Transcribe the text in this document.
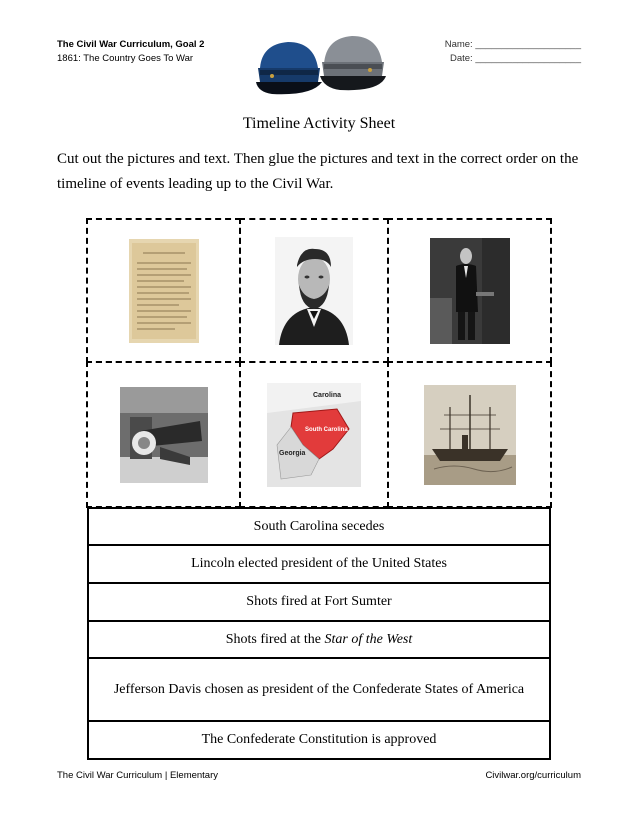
The Civil War Curriculum, Goal 2
1861: The Country Goes To War
Name: ____________________
Date: ____________________
Timeline Activity Sheet
Cut out the pictures and text. Then glue the pictures and text in the correct order on the timeline of events leading up to the Civil War.
Carolina
South Carolina
Georgia
South Carolina secedes
Lincoln elected president of the United States
Shots fired at Fort Sumter
Shots fired at the Star of the West
Jefferson Davis chosen as president of the Confederate States of America
The Confederate Constitution is approved
The Civil War Curriculum | Elementary	Civilwar.org/curriculum
